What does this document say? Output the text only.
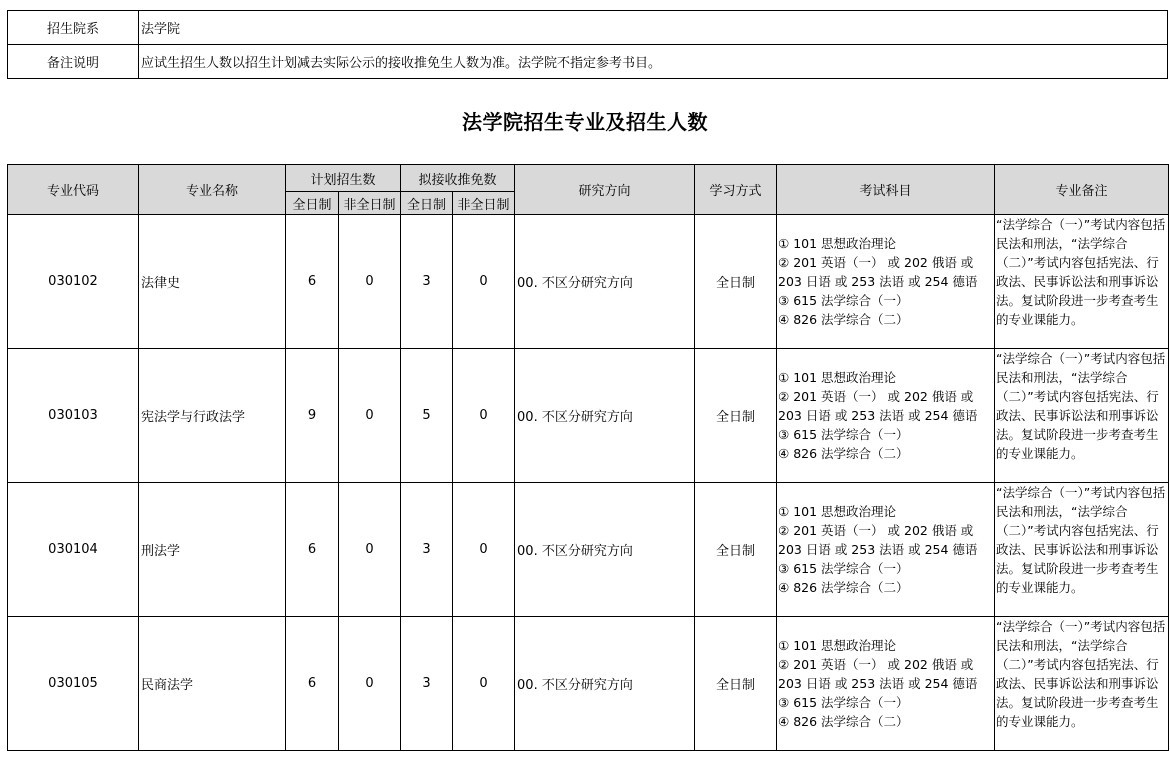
招生院系	法学院
备注说明	应试生招生人数以招生计划减去实际公示的接收推免生人数为准。法学院不指定参考书目。
法学院招生专业及招生人数
专业代码	专业名称	计划招生数		拟接收推免数		研究方向	学习方式	考试科目	专业备注
		全日制	非全日制	全日制	非全日制				
030102	法律史	6	0	3	0	00. 不区分研究方向	全日制	① 101 思想政治理论
② 201 英语（一） 或 202 俄语 或
203 日语 或 253 法语 或 254 德语
③ 615 法学综合（一）
④ 826 法学综合（二）	“法学综合（一）”考试内容包括民法和刑法，“法学综合（二）”考试内容包括宪法、行政法、民事诉讼法和刑事诉讼法。复试阶段进一步考查考生的专业课能力。
030103	宪法学与行政法学	9	0	5	0	00. 不区分研究方向	全日制	① 101 思想政治理论
② 201 英语（一） 或 202 俄语 或
203 日语 或 253 法语 或 254 德语
③ 615 法学综合（一）
④ 826 法学综合（二）	“法学综合（一）”考试内容包括民法和刑法，“法学综合（二）”考试内容包括宪法、行政法、民事诉讼法和刑事诉讼法。复试阶段进一步考查考生的专业课能力。
030104	刑法学	6	0	3	0	00. 不区分研究方向	全日制	① 101 思想政治理论
② 201 英语（一） 或 202 俄语 或
203 日语 或 253 法语 或 254 德语
③ 615 法学综合（一）
④ 826 法学综合（二）	“法学综合（一）”考试内容包括民法和刑法，“法学综合（二）”考试内容包括宪法、行政法、民事诉讼法和刑事诉讼法。复试阶段进一步考查考生的专业课能力。
030105	民商法学	6	0	3	0	00. 不区分研究方向	全日制	① 101 思想政治理论
② 201 英语（一） 或 202 俄语 或
203 日语 或 253 法语 或 254 德语
③ 615 法学综合（一）
④ 826 法学综合（二）	“法学综合（一）”考试内容包括民法和刑法，“法学综合（二）”考试内容包括宪法、行政法、民事诉讼法和刑事诉讼法。复试阶段进一步考查考生的专业课能力。
